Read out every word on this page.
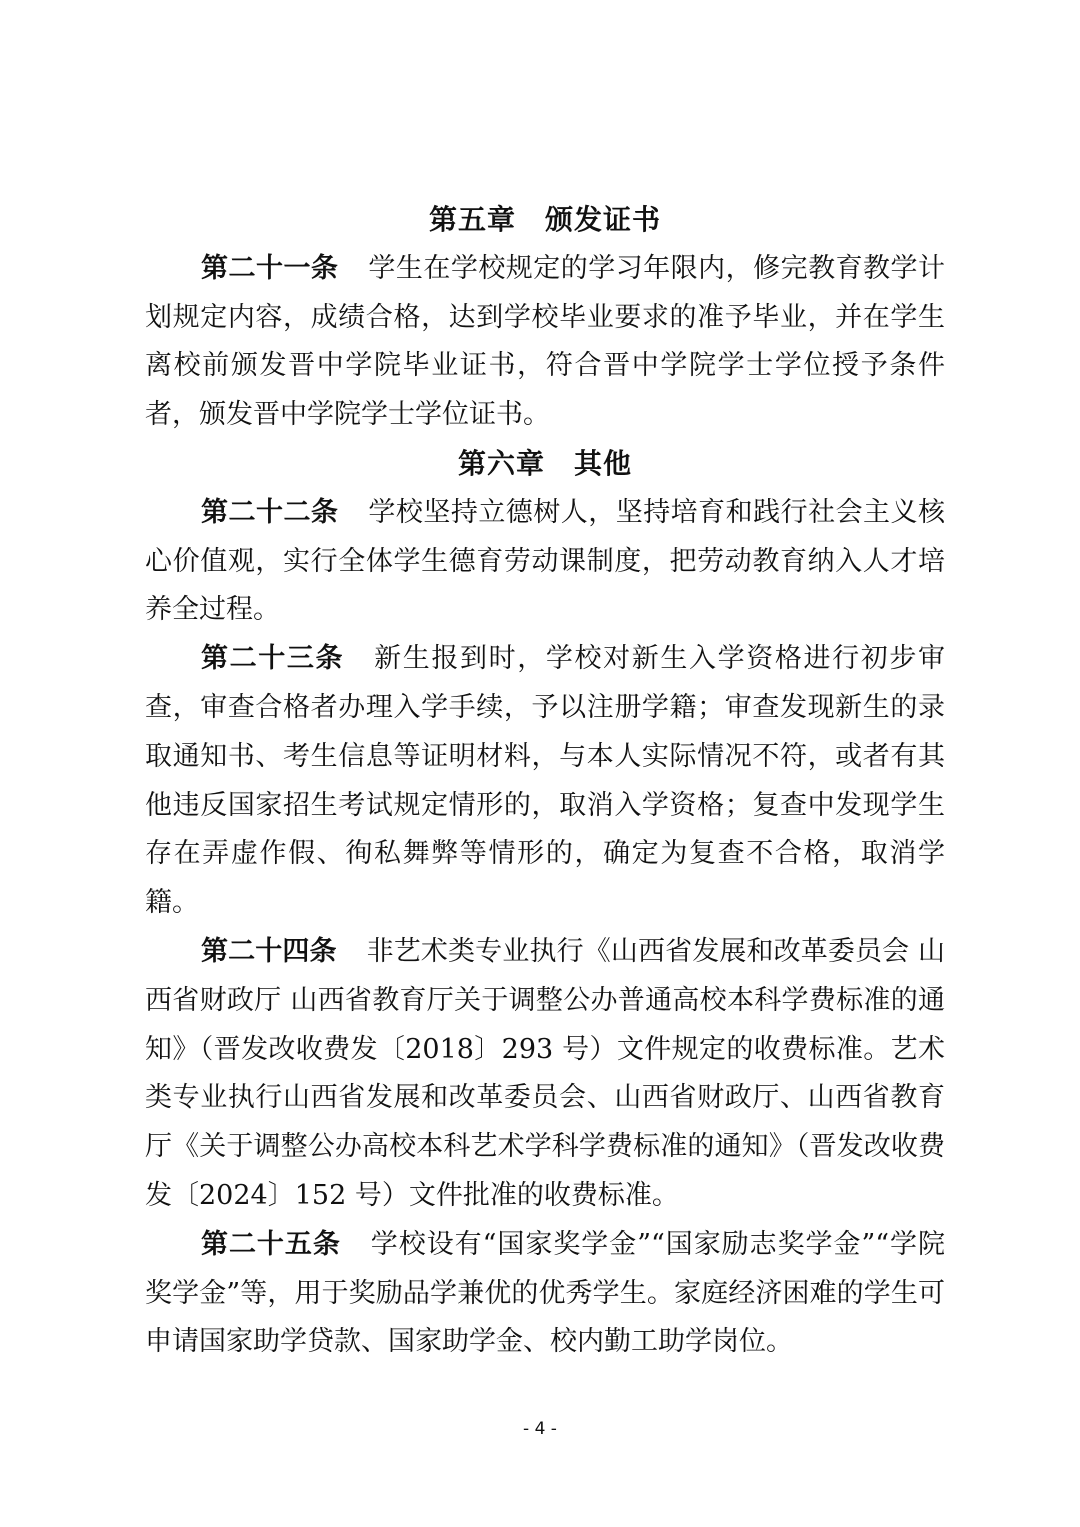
第五章　颁发证书

第二十一条 学生在学校规定的学习年限内，修完教育教学计划规定内容，成绩合格，达到学校毕业要求的准予毕业，并在学生离校前颁发晋中学院毕业证书，符合晋中学院学士学位授予条件者，颁发晋中学院学士学位证书。

第六章　其他

第二十二条 学校坚持立德树人，坚持培育和践行社会主义核心价值观，实行全体学生德育劳动课制度，把劳动教育纳入人才培养全过程。

第二十三条 新生报到时，学校对新生入学资格进行初步审查，审查合格者办理入学手续，予以注册学籍；审查发现新生的录取通知书、考生信息等证明材料，与本人实际情况不符，或者有其他违反国家招生考试规定情形的，取消入学资格；复查中发现学生存在弄虚作假、徇私舞弊等情形的，确定为复查不合格，取消学籍。

第二十四条 非艺术类专业执行《山西省发展和改革委员会 山西省财政厅 山西省教育厅关于调整公办普通高校本科学费标准的通知》（晋发改收费发〔2018〕293 号）文件规定的收费标准。艺术类专业执行山西省发展和改革委员会、山西省财政厅、山西省教育厅《关于调整公办高校本科艺术学科学费标准的通知》（晋发改收费发〔2024〕152 号）文件批准的收费标准。

第二十五条 学校设有“国家奖学金”“国家励志奖学金”“学院奖学金”等，用于奖励品学兼优的优秀学生。家庭经济困难的学生可申请国家助学贷款、国家助学金、校内勤工助学岗位。

- 4 -
